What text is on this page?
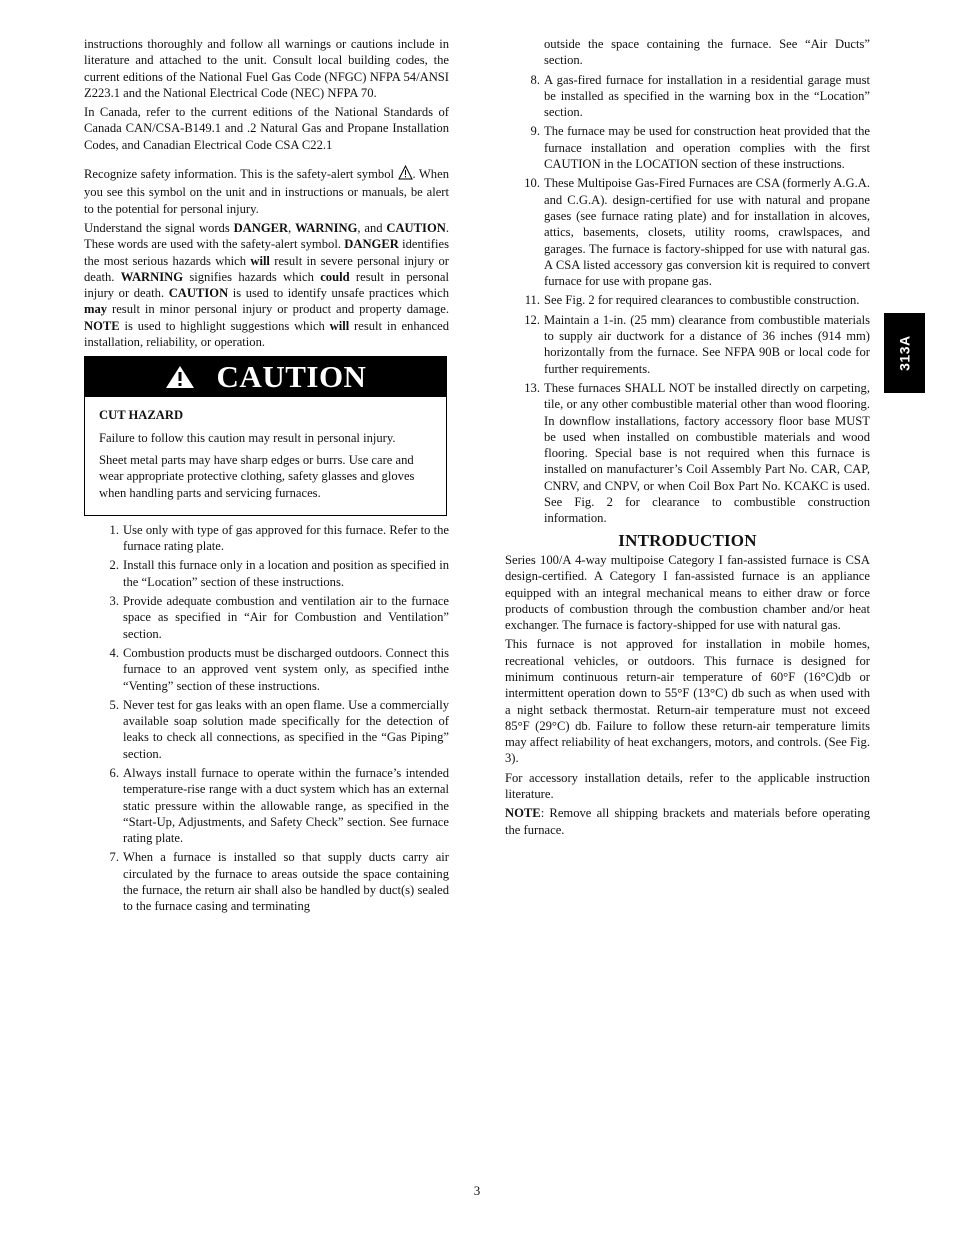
instructions thoroughly and follow all warnings or cautions include in literature and attached to the unit. Consult local building codes, the current editions of the National Fuel Gas Code (NFGC) NFPA 54/ANSI Z223.1 and the National Electrical Code (NEC) NFPA 70.

In Canada, refer to the current editions of the National Standards of Canada CAN/CSA‑B149.1 and .2 Natural Gas and Propane Installation Codes, and Canadian Electrical Code CSA C22.1

Recognize safety information. This is the safety‑alert symbol . When you see this symbol on the unit and in instructions or manuals, be alert to the potential for personal injury.

Understand the signal words DANGER, WARNING, and CAUTION. These words are used with the safety‑alert symbol. DANGER identifies the most serious hazards which will result in severe personal injury or death. WARNING signifies hazards which could result in personal injury or death. CAUTION is used to identify unsafe practices which may result in minor personal injury or product and property damage. NOTE is used to highlight suggestions which will result in enhanced installation, reliability, or operation.

CAUTION

CUT HAZARD

Failure to follow this caution may result in personal injury.

Sheet metal parts may have sharp edges or burrs. Use care and wear appropriate protective clothing, safety glasses and gloves when handling parts and servicing furnaces.

1. Use only with type of gas approved for this furnace. Refer to the furnace rating plate.
2. Install this furnace only in a location and position as specified in the “Location” section of these instructions.
3. Provide adequate combustion and ventilation air to the furnace space as specified in “Air for Combustion and Ventilation” section.
4. Combustion products must be discharged outdoors. Connect this furnace to an approved vent system only, as specified inthe “Venting” section of these instructions.
5. Never test for gas leaks with an open flame. Use a commercially available soap solution made specifically for the detection of leaks to check all connections, as specified in the “Gas Piping” section.
6. Always install furnace to operate within the furnace’s intended temperature‑rise range with a duct system which has an external static pressure within the allowable range, as specified in the “Start‑Up, Adjustments, and Safety Check” section. See furnace rating plate.
7. When a furnace is installed so that supply ducts carry air circulated by the furnace to areas outside the space containing the furnace, the return air shall also be handled by duct(s) sealed to the furnace casing and terminating
outside the space containing the furnace. See “Air Ducts” section.
8. A gas‑fired furnace for installation in a residential garage must be installed as specified in the warning box in the “Location” section.
9. The furnace may be used for construction heat provided that the furnace installation and operation complies with the first CAUTION in the LOCATION section of these instructions.
10. These Multipoise Gas‑Fired Furnaces are CSA (formerly A.G.A. and C.G.A). design‑certified for use with natural and propane gases (see furnace rating plate) and for installation in alcoves, attics, basements, closets, utility rooms, crawlspaces, and garages. The furnace is factory‑shipped for use with natural gas. A CSA listed accessory gas conversion kit is required to convert furnace for use with propane gas.
11. See Fig. 2 for required clearances to combustible construction.
12. Maintain a 1‑in. (25 mm) clearance from combustible materials to supply air ductwork for a distance of 36 inches (914 mm) horizontally from the furnace. See NFPA 90B or local code for further requirements.
13. These furnaces SHALL NOT be installed directly on carpeting, tile, or any other combustible material other than wood flooring. In downflow installations, factory accessory floor base MUST be used when installed on combustible materials and wood flooring. Special base is not required when this furnace is installed on manufacturer’s Coil Assembly Part No. CAR, CAP, CNRV, and CNPV, or when Coil Box Part No. KCAKC is used. See Fig. 2 for clearance to combustible construction information.
INTRODUCTION

Series 100/A 4‑way multipoise Category I fan‑assisted furnace is CSA design‑certified. A Category I fan‑assisted furnace is an appliance equipped with an integral mechanical means to either draw or force products of combustion through the combustion chamber and/or heat exchanger. The furnace is factory‑shipped for use with natural gas.

This furnace is not approved for installation in mobile homes, recreational vehicles, or outdoors. This furnace is designed for minimum continuous return‑air temperature of 60°F (16°C)db or intermittent operation down to 55°F (13°C) db such as when used with a night setback thermostat. Return‑air temperature must not exceed 85°F (29°C) db. Failure to follow these return‑air temperature limits may affect reliability of heat exchangers, motors, and controls. (See Fig. 3).

For accessory installation details, refer to the applicable instruction literature.

NOTE: Remove all shipping brackets and materials before operating the furnace.

313A
3
